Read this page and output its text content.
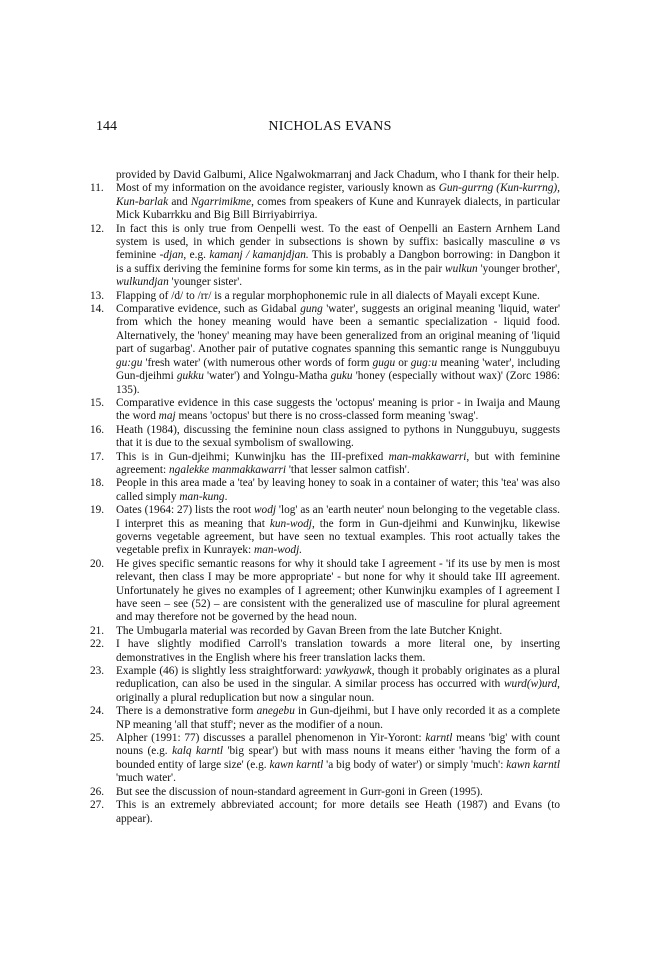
144	NICHOLAS EVANS

provided by David Galbumi, Alice Ngalwokmarranj and Jack Chadum, who I thank for their help.

11.	Most of my information on the avoidance register, variously known as Gun-gurrng (Kun-kurrng), Kun-barlak and Ngarrimikme, comes from speakers of Kune and Kunrayek dialects, in particular Mick Kubarrkku and Big Bill Birriyabirriya.

12.	In fact this is only true from Oenpelli west. To the east of Oenpelli an Eastern Arnhem Land system is used, in which gender in subsections is shown by suffix: basically masculine ø vs feminine -djan, e.g. kamanj / kamanjdjan. This is probably a Dangbon borrowing: in Dangbon it is a suffix deriving the feminine forms for some kin terms, as in the pair wulkun 'younger brother', wulkundjan 'younger sister'.

13.	Flapping of /d/ to /rr/ is a regular morphophonemic rule in all dialects of Mayali except Kune.

14.	Comparative evidence, such as Gidabal gung 'water', suggests an original meaning 'liquid, water' from which the honey meaning would have been a semantic specialization - liquid food. Alternatively, the 'honey' meaning may have been generalized from an original meaning of 'liquid part of sugarbag'. Another pair of putative cognates spanning this semantic range is Nunggubuyu gu:gu 'fresh water' (with numerous other words of form gugu or gug:u meaning 'water', including Gun-djeihmi gukku 'water') and Yolngu-Matha guku 'honey (especially without wax)' (Zorc 1986: 135).

15.	Comparative evidence in this case suggests the 'octopus' meaning is prior - in Iwaija and Maung the word maj means 'octopus' but there is no cross-classed form meaning 'swag'.

16.	Heath (1984), discussing the feminine noun class assigned to pythons in Nunggubuyu, suggests that it is due to the sexual symbolism of swallowing.

17.	This is in Gun-djeihmi; Kunwinjku has the III-prefixed man-makkawarri, but with feminine agreement: ngalekke manmakkawarri 'that lesser salmon catfish'.

18.	People in this area made a 'tea' by leaving honey to soak in a container of water; this 'tea' was also called simply man-kung.

19.	Oates (1964: 27) lists the root wodj 'log' as an 'earth neuter' noun belonging to the vegetable class. I interpret this as meaning that kun-wodj, the form in Gun-djeihmi and Kunwinjku, likewise governs vegetable agreement, but have seen no textual examples. This root actually takes the vegetable prefix in Kunrayek: man-wodj.

20.	He gives specific semantic reasons for why it should take I agreement - 'if its use by men is most relevant, then class I may be more appropriate' - but none for why it should take III agreement. Unfortunately he gives no examples of I agreement; other Kunwinjku examples of I agreement I have seen – see (52) – are consistent with the generalized use of masculine for plural agreement and may therefore not be governed by the head noun.

21.	The Umbugarla material was recorded by Gavan Breen from the late Butcher Knight.

22.	I have slightly modified Carroll's translation towards a more literal one, by inserting demonstratives in the English where his freer translation lacks them.

23.	Example (46) is slightly less straightforward: yawkyawk, though it probably originates as a plural reduplication, can also be used in the singular. A similar process has occurred with wurd(w)urd, originally a plural reduplication but now a singular noun.

24.	There is a demonstrative form anegebu in Gun-djeihmi, but I have only recorded it as a complete NP meaning 'all that stuff'; never as the modifier of a noun.

25.	Alpher (1991: 77) discusses a parallel phenomenon in Yir-Yoront: karntl means 'big' with count nouns (e.g. kalq karntl 'big spear') but with mass nouns it means either 'having the form of a bounded entity of large size' (e.g. kawn karntl 'a big body of water') or simply 'much': kawn karntl 'much water'.

26.	But see the discussion of noun-standard agreement in Gurr-goni in Green (1995).

27.	This is an extremely abbreviated account; for more details see Heath (1987) and Evans (to appear).
